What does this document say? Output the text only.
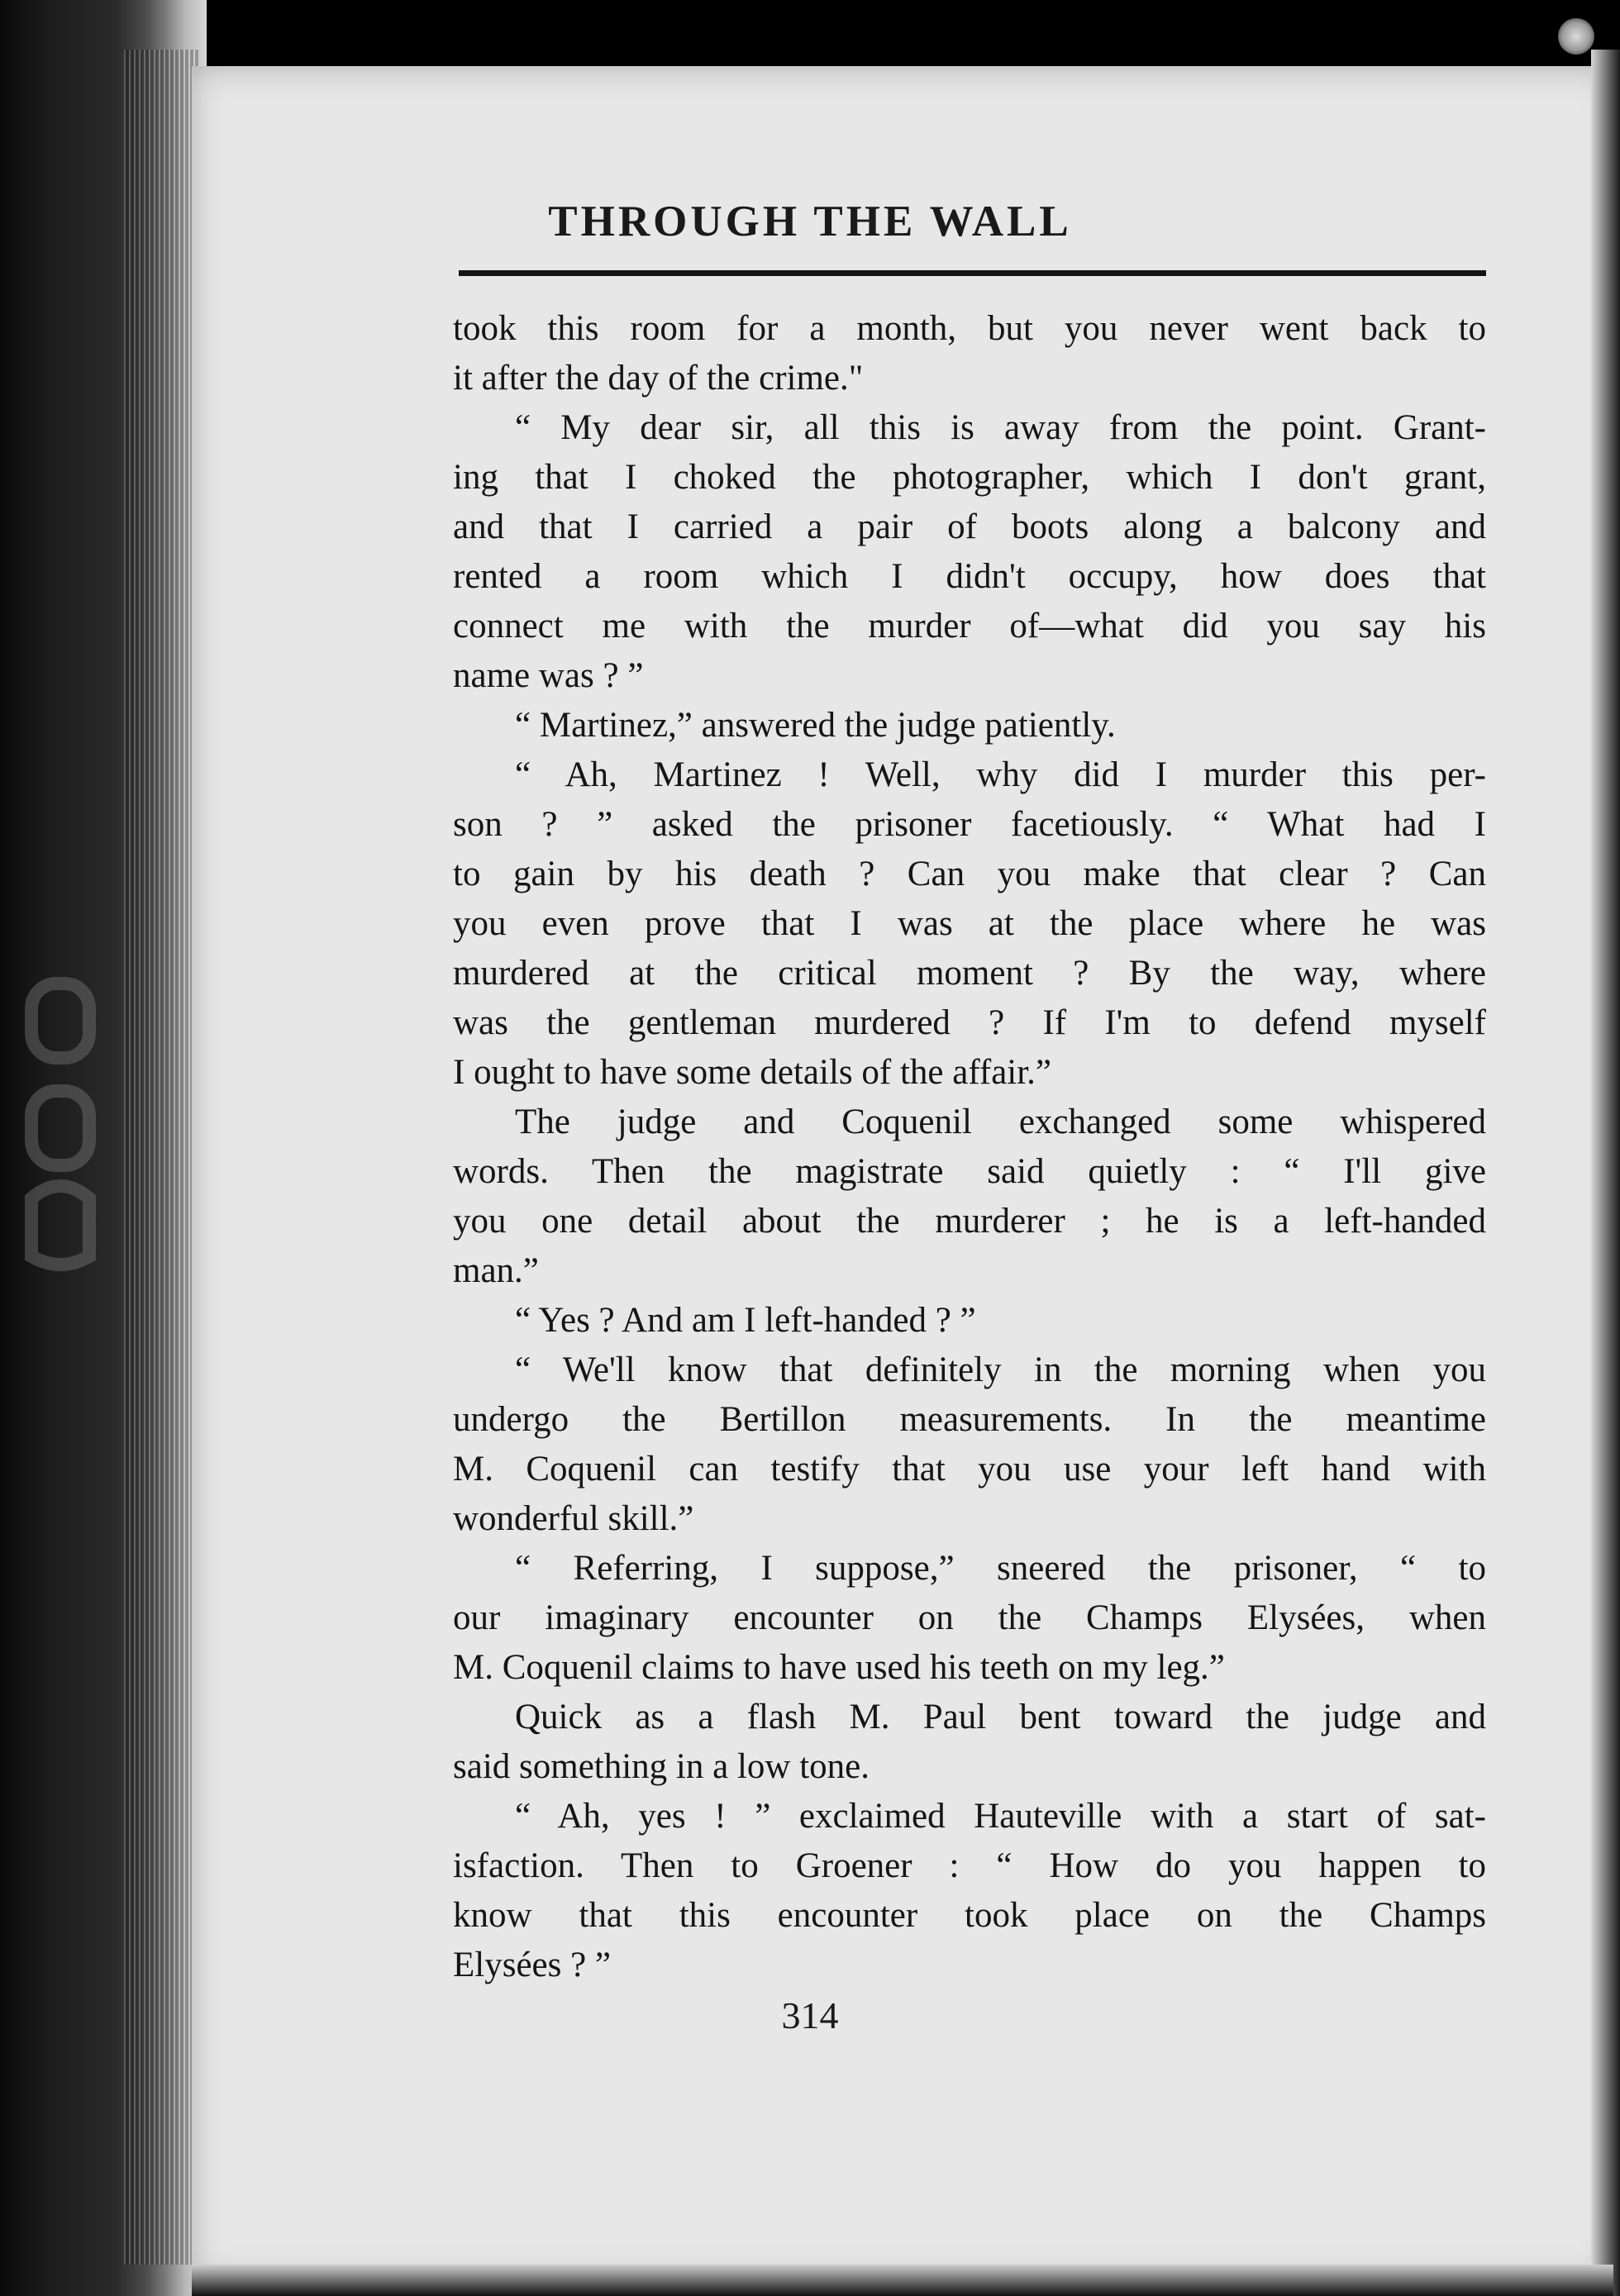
THROUGH THE WALL
took this room for a month, but you never went back to
it after the day of the crime."
“ My dear sir, all this is away from the point. Grant-
ing that I choked the photographer, which I don't grant,
and that I carried a pair of boots along a balcony and
rented a room which I didn't occupy, how does that
connect me with the murder of—what did you say his
name was ? ”
“ Martinez,” answered the judge patiently.
“ Ah, Martinez ! Well, why did I murder this per-
son ? ” asked the prisoner facetiously. “ What had I
to gain by his death ? Can you make that clear ? Can
you even prove that I was at the place where he was
murdered at the critical moment ? By the way, where
was the gentleman murdered ? If I'm to defend myself
I ought to have some details of the affair.”
The judge and Coquenil exchanged some whispered
words. Then the magistrate said quietly : “ I'll give
you one detail about the murderer ; he is a left-handed
man.”
“ Yes ? And am I left-handed ? ”
“ We'll know that definitely in the morning when you
undergo the Bertillon measurements. In the meantime
M. Coquenil can testify that you use your left hand with
wonderful skill.”
“ Referring, I suppose,” sneered the prisoner, “ to
our imaginary encounter on the Champs Elysées, when
M. Coquenil claims to have used his teeth on my leg.”
Quick as a flash M. Paul bent toward the judge and
said something in a low tone.
“ Ah, yes ! ” exclaimed Hauteville with a start of sat-
isfaction. Then to Groener : “ How do you happen to
know that this encounter took place on the Champs
Elysées ? ”
314
